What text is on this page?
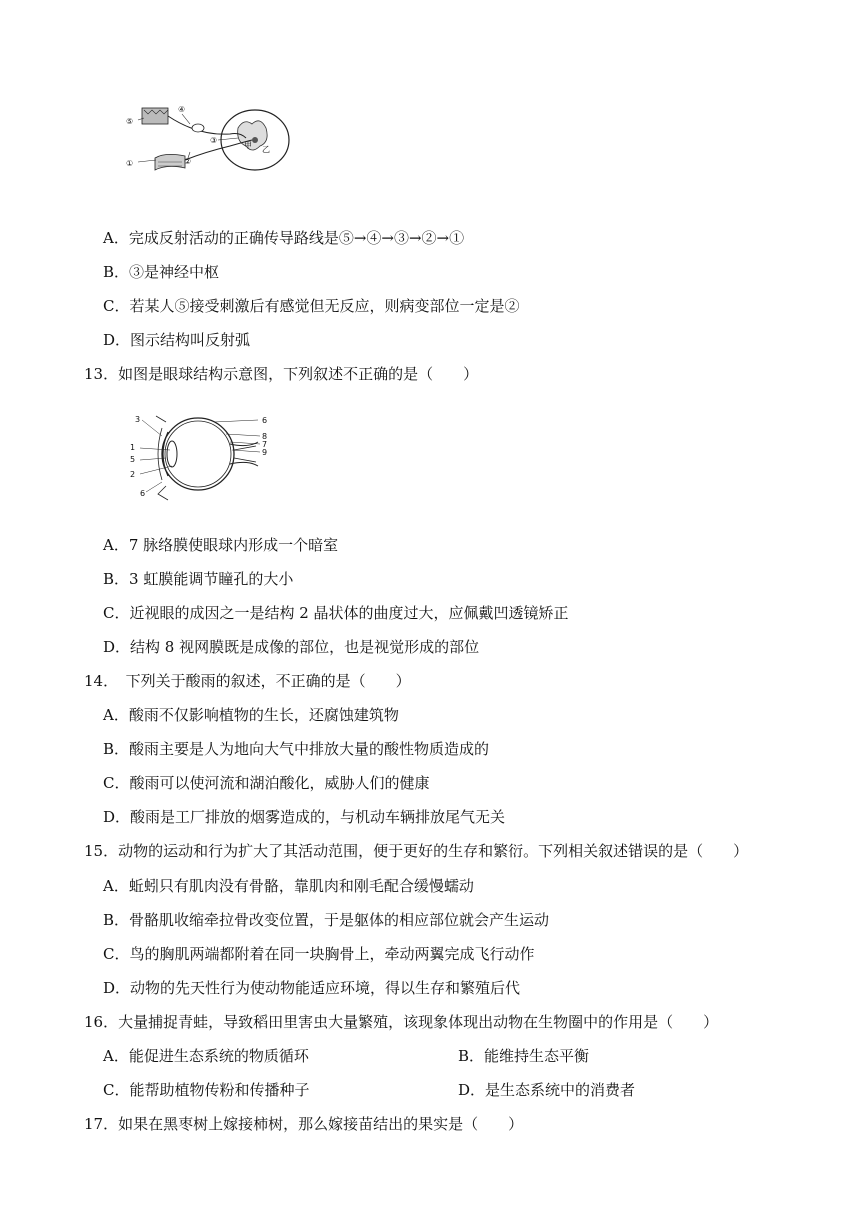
⑤
④
③
②
①
甲 乙
A．完成反射活动的正确传导路线是⑤→④→③→②→①
B．③是神经中枢
C．若某人⑤接受刺激后有感觉但无反应，则病变部位一定是②
D．图示结构叫反射弧
13．如图是眼球结构示意图，下列叙述不正确的是（　　）
3
1
5
2
6
6
8
7
9
A．7 脉络膜使眼球内形成一个暗室
B．3 虹膜能调节瞳孔的大小
C．近视眼的成因之一是结构 2 晶状体的曲度过大，应佩戴凹透镜矫正
D．结构 8 视网膜既是成像的部位，也是视觉形成的部位
14．　下列关于酸雨的叙述，不正确的是（　　）
A．酸雨不仅影响植物的生长，还腐蚀建筑物
B．酸雨主要是人为地向大气中排放大量的酸性物质造成的
C．酸雨可以使河流和湖泊酸化，威胁人们的健康
D．酸雨是工厂排放的烟雾造成的，与机动车辆排放尾气无关
15．动物的运动和行为扩大了其活动范围，便于更好的生存和繁衍。下列相关叙述错误的是（　　）
A．蚯蚓只有肌肉没有骨骼，靠肌肉和刚毛配合缓慢蠕动
B．骨骼肌收缩牵拉骨改变位置，于是躯体的相应部位就会产生运动
C．鸟的胸肌两端都附着在同一块胸骨上，牵动两翼完成飞行动作
D．动物的先天性行为使动物能适应环境，得以生存和繁殖后代
16．大量捕捉青蛙，导致稻田里害虫大量繁殖，该现象体现出动物在生物圈中的作用是（　　）
A．能促进生态系统的物质循环	B．能维持生态平衡
C．能帮助植物传粉和传播种子	D．是生态系统中的消费者
17．如果在黑枣树上嫁接柿树，那么嫁接苗结出的果实是（　　）
